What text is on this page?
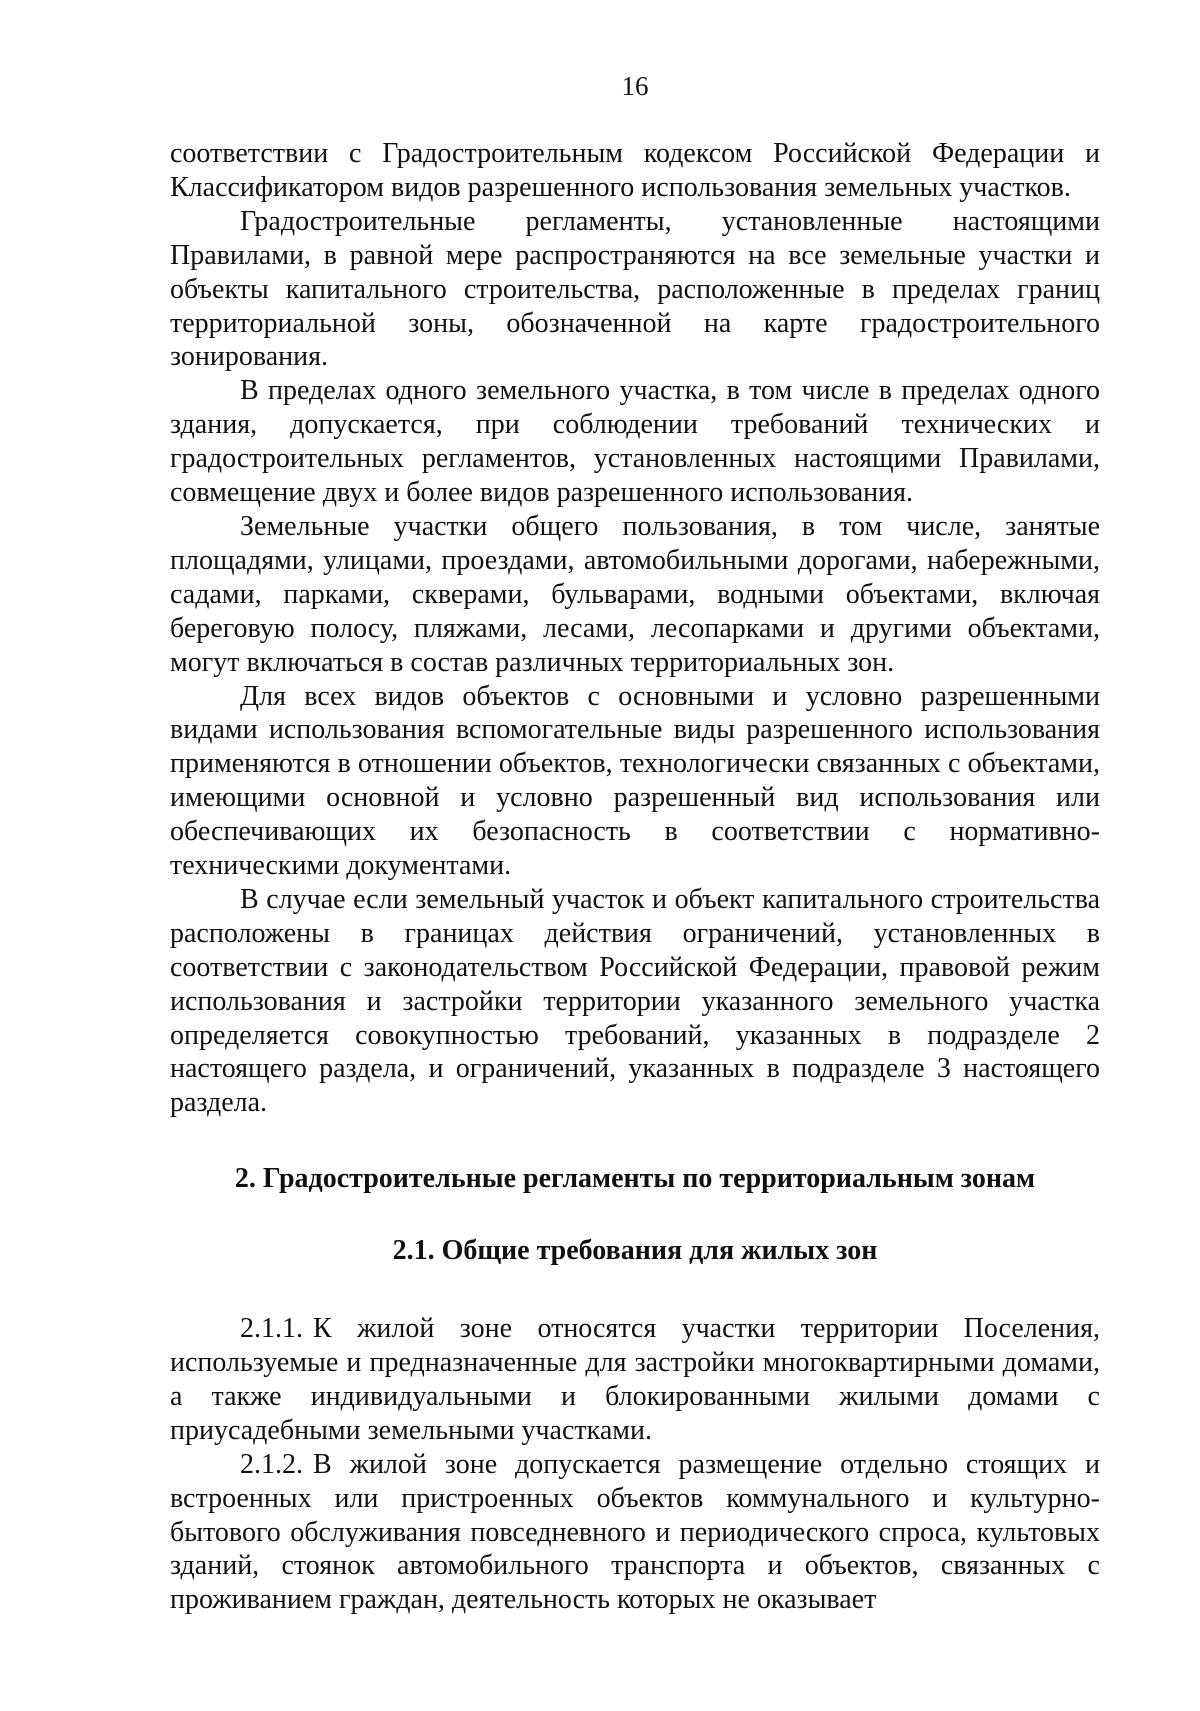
16

соответствии с Градостроительным кодексом Российской Федерации и Классификатором видов разрешенного использования земельных участков.

Градостроительные регламенты, установленные настоящими Правилами, в равной мере распространяются на все земельные участки и объекты капитального строительства, расположенные в пределах границ территориальной зоны, обозначенной на карте градостроительного зонирования.

В пределах одного земельного участка, в том числе в пределах одного здания, допускается, при соблюдении требований технических и градостроительных регламентов, установленных настоящими Правилами, совмещение двух и более видов разрешенного использования.

Земельные участки общего пользования, в том числе, занятые площадями, улицами, проездами, автомобильными дорогами, набережными, садами, парками, скверами, бульварами, водными объектами, включая береговую полосу, пляжами, лесами, лесопарками и другими объектами, могут включаться в состав различных территориальных зон.

Для всех видов объектов с основными и условно разрешенными видами использования вспомогательные виды разрешенного использования применяются в отношении объектов, технологически связанных с объектами, имеющими основной и условно разрешенный вид использования или обеспечивающих их безопасность в соответствии с нормативно-техническими документами.

В случае если земельный участок и объект капитального строительства расположены в границах действия ограничений, установленных в соответствии с законодательством Российской Федерации, правовой режим использования и застройки территории указанного земельного участка определяется совокупностью требований, указанных в подразделе 2 настоящего раздела, и ограничений, указанных в подразделе 3 настоящего раздела.

2. Градостроительные регламенты по территориальным зонам

2.1. Общие требования для жилых зон

2.1.1. К жилой зоне относятся участки территории Поселения, используемые и предназначенные для застройки многоквартирными домами, а также индивидуальными и блокированными жилыми домами с приусадебными земельными участками.

2.1.2. В жилой зоне допускается размещение отдельно стоящих и встроенных или пристроенных объектов коммунального и культурно-бытового обслуживания повседневного и периодического спроса, культовых зданий, стоянок автомобильного транспорта и объектов, связанных с проживанием граждан, деятельность которых не оказывает
